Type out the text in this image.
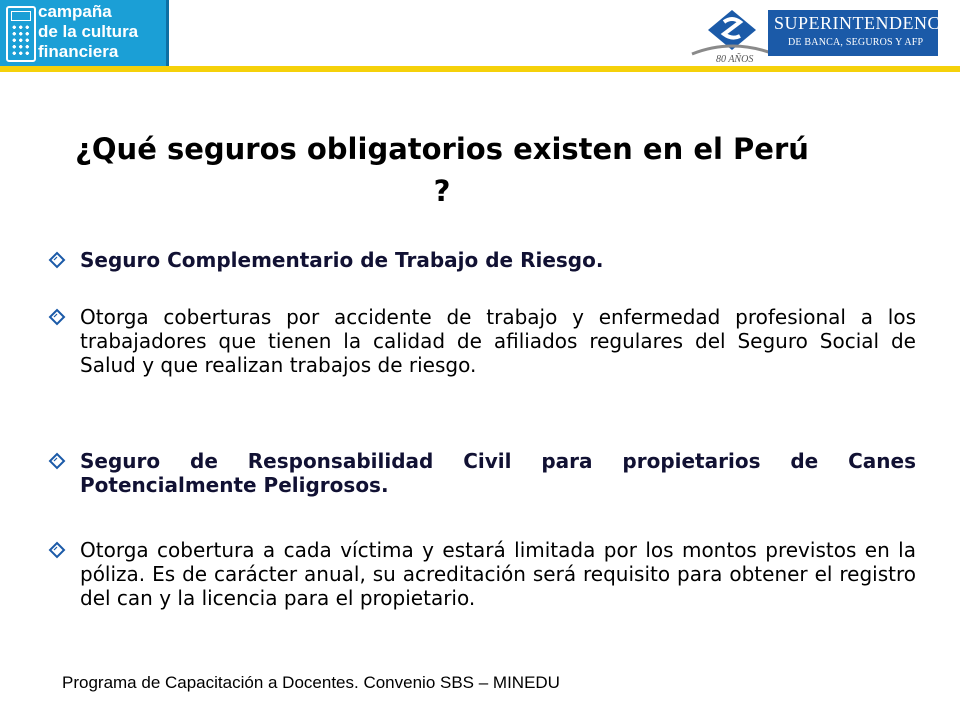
campaña
de la cultura
financiera	80 AÑOS
SUPERINTENDENCIA
DE BANCA, SEGUROS Y AFP
¿Qué seguros obligatorios existen en el Perú ?
Seguro Complementario de Trabajo de Riesgo.
Otorga coberturas por accidente de trabajo y enfermedad profesional a los trabajadores que tienen la calidad de afiliados regulares del Seguro Social de Salud y que realizan trabajos de riesgo.
Seguro de Responsabilidad Civil para propietarios de Canes Potencialmente Peligrosos.
Otorga cobertura a cada víctima y estará limitada por los montos previstos en la póliza. Es de carácter anual, su acreditación será requisito para obtener el registro del can y la licencia para el propietario.
Programa de Capacitación a Docentes. Convenio SBS – MINEDU
